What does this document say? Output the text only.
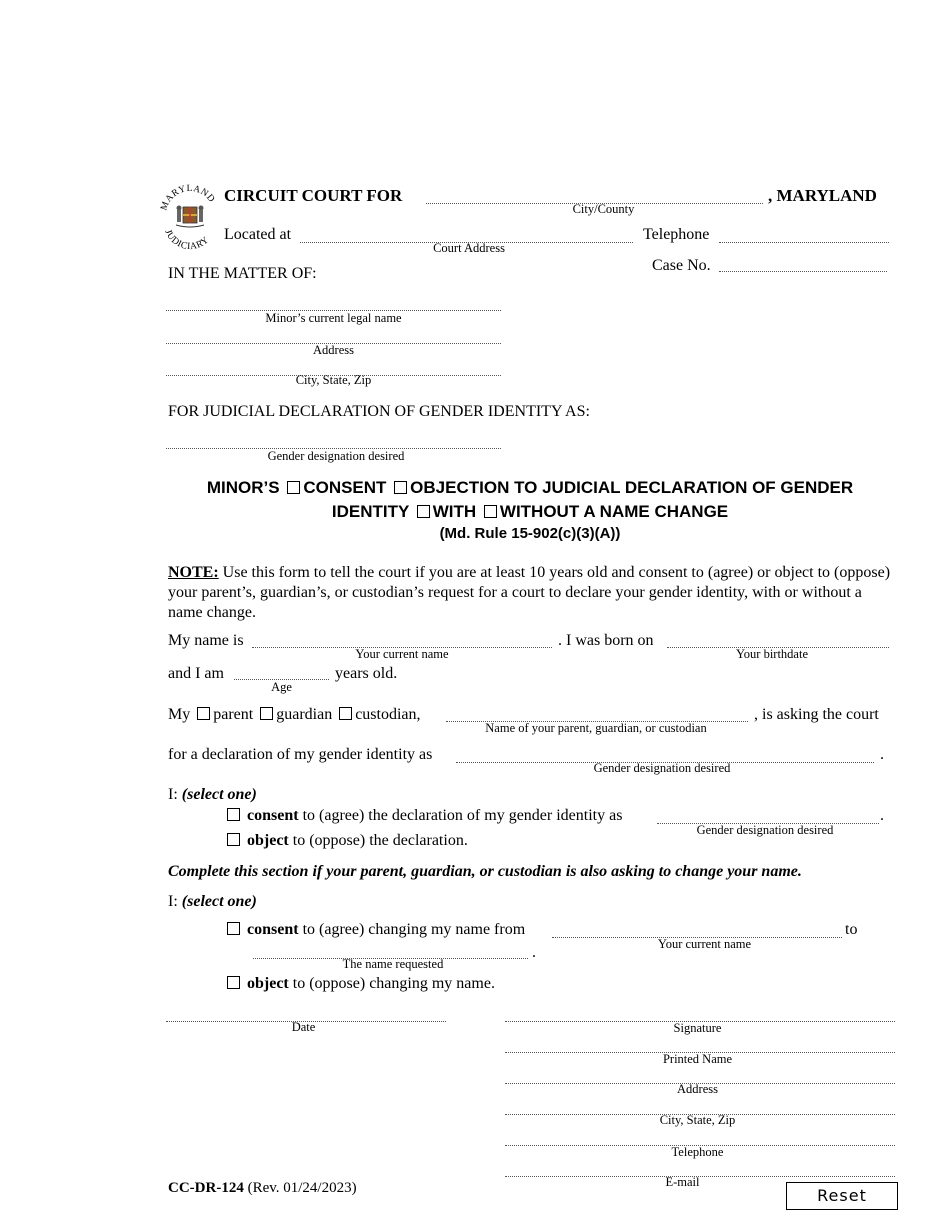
MARYLAND
JUDICIARY
CIRCUIT COURT FOR	, MARYLAND
City/County
Located at
Court Address
Telephone
Case No.
IN THE MATTER OF:
Minor’s current legal name
Address
City, State, Zip
FOR JUDICIAL DECLARATION OF GENDER IDENTITY AS:
Gender designation desired
MINOR’S CONSENT OBJECTION TO JUDICIAL DECLARATION OF GENDER
IDENTITY WITH WITHOUT A NAME CHANGE
(Md. Rule 15-902(c)(3)(A))
NOTE: Use this form to tell the court if you are at least 10 years old and consent to (agree) or object to (oppose) your parent’s, guardian’s, or custodian’s request for a court to declare your gender identity, with or without a name change.
My name is
Your current name
. I was born on
Your birthdate
and I am
Age
years old.
My parent guardian custodian,
Name of your parent, guardian, or custodian
, is asking the court
for a declaration of my gender identity as
Gender designation desired
.
I: (select one)
consent to (agree) the declaration of my gender identity as
Gender designation desired
.
object to (oppose) the declaration.
Complete this section if your parent, guardian, or custodian is also asking to change your name.
I: (select one)
consent to (agree) changing my name from
Your current name
to
.
The name requested
object to (oppose) changing my name.
Date	Signature
Printed Name
Address
City, State, Zip
Telephone
E-mail
CC-DR-124 (Rev. 01/24/2023)	Reset
